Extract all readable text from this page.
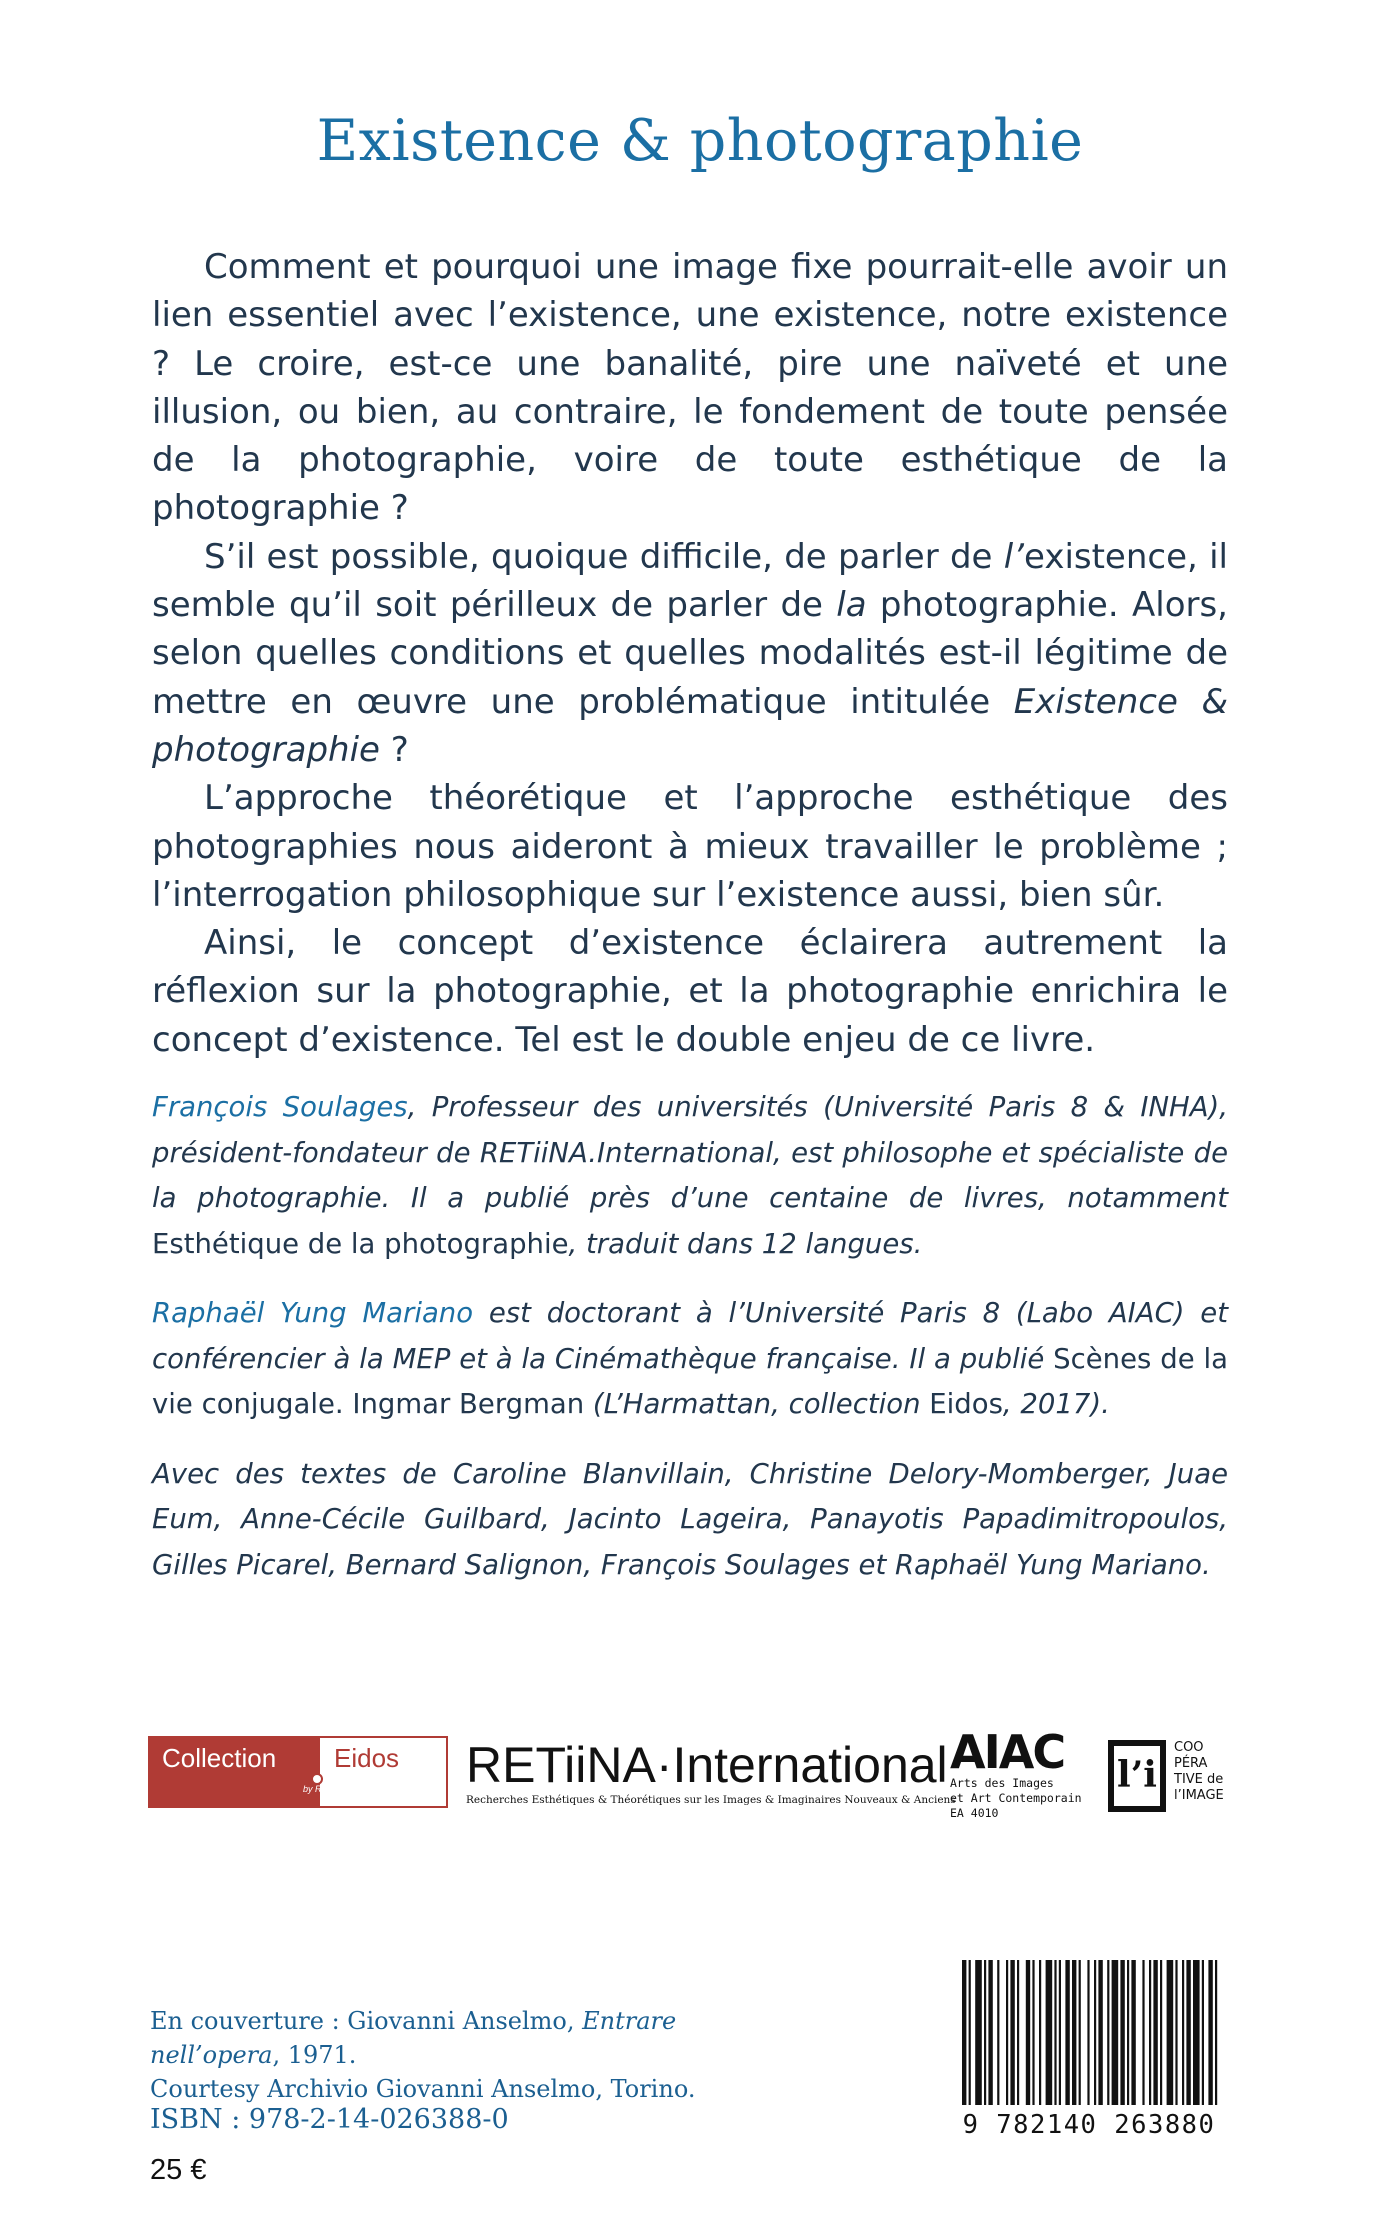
Existence & photographie

Comment et pourquoi une image fixe pourrait-elle avoir un lien essentiel avec l’existence, une existence, notre existence ? Le croire, est-ce une banalité, pire une naïveté et une illusion, ou bien, au contraire, le fondement de toute pensée de la photographie, voire de toute esthétique de la photographie ?

S’il est possible, quoique difficile, de parler de l’existence, il semble qu’il soit périlleux de parler de la photographie. Alors, selon quelles conditions et quelles modalités est-il légitime de mettre en œuvre une problématique intitulée Existence & photographie ?

L’approche théorétique et l’approche esthétique des photographies nous aideront à mieux travailler le problème ; l’interrogation philosophique sur l’existence aussi, bien sûr.

Ainsi, le concept d’existence éclairera autrement la réflexion sur la photographie, et la photographie enrichira le concept d’existence. Tel est le double enjeu de ce livre.

François Soulages, Professeur des universités (Université Paris 8 & INHA), président-fondateur de RETiiNA.International, est philosophe et spécialiste de la photographie. Il a publié près d’une centaine de livres, notamment Esthétique de la photographie, traduit dans 12 langues.

Raphaël Yung Mariano est doctorant à l’Université Paris 8 (Labo AIAC) et conférencier à la MEP et à la Cinémathèque française. Il a publié Scènes de la vie conjugale. Ingmar Bergman (L’Harmattan, collection Eidos, 2017).

Avec des textes de Caroline Blanvillain, Christine Delory-Momberger, Juae Eum, Anne-Cécile Guilbard, Jacinto Lageira, Panayotis Papadimitropoulos, Gilles Picarel, Bernard Salignon, François Soulages et Raphaël Yung Mariano.

Collection	Eidos
by RETINA.International RETiiNA·International
Recherches Esthétiques & Théorétiques sur les Images & Imaginaires Nouveaux & Anciens
AIAC
Arts des Images
et Art Contemporain
EA 4010
l’i
COO
PÉRA
TIVE de
l’IMAGE

En couverture : Giovanni Anselmo, Entrare nell’opera, 1971.

Courtesy Archivio Giovanni Anselmo, Torino.

ISBN : 978-2-14-026388-0

25 €

9 782140 263880
